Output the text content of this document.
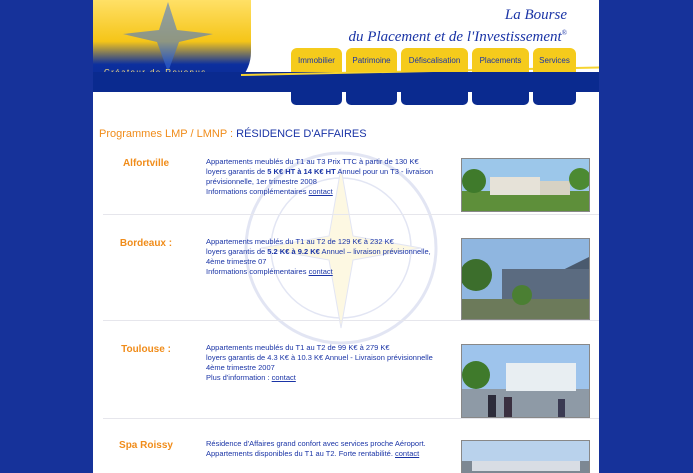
La Bourse
du Placement et de l'Investissement®
Immobilier	Patrimoine	Défiscalisation	Placements	Services
Programmes LMP / LMNP : RÉSIDENCE D'AFFAIRES
Alfortville	Appartements meublés du T1 au T3 Prix TTC à partir de 130 K€
loyers garantis de 5 K€ HT à 14 K€ HT Annuel pour un T3 - livraison prévisionnelle, 1er trimestre 2008
Informations complémentaires contact
Bordeaux :	Appartements meublés du T1 au T2 de 129 K€ à 232 K€
loyers garantis de 5.2 K€ à 9.2 K€ Annuel – livraison prévisionnelle, 4ème trimestre 07
Informations complémentaires contact
Toulouse :	Appartements meublés du T1 au T2 de 99 K€ à 279 K€
loyers garantis de 4.3 K€ à 10.3 K€ Annuel - Livraison prévisionnelle 4ème trimestre 2007
Plus d'information : contact
Spa Roissy	Résidence d'Affaires grand confort avec services proche Aéroport.
Appartements disponibles du T1 au T2. Forte rentabilité. contact
